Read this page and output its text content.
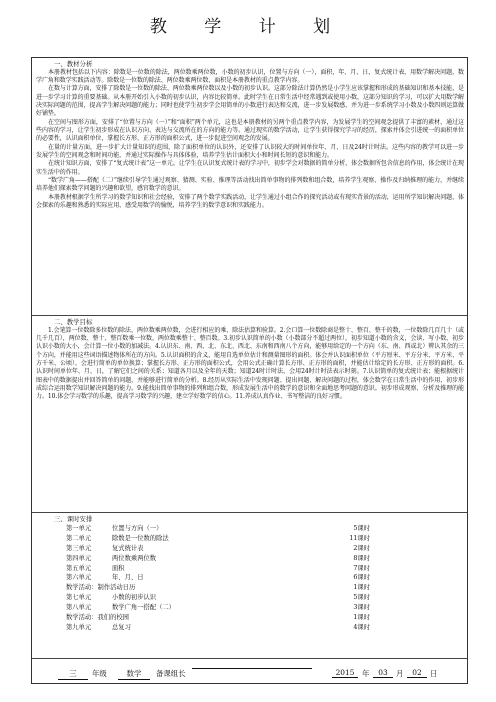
教 学 计 划
一、教材分析

本册教材包括以下内容：除数是一位数的除法，两位数乘两位数，小数的初步认识，位置与方向（一），面积，年、月、日，复式统计表，用数学解决问题，数学广角和数学实践活动等。除数是一位数的除法、两位数乘两位数、面积是本册教材的重点教学内容。

在数与计算方面，安排了除数是一位数的除法、两位数乘两位数以及小数的初步认识。这部分除法计算仍然是小学生应该掌握和形成的基础知识和基本技能，是进一步学习计算的重要基础。从本册开始引入小数的初步认识，内容比较简单。此时学生在日常生活中经常遇到或使用小数，这部分知识的学习，可以扩大用数学解决实际问题的范围，提高学生解决问题的能力；同时也使学生初步学会用简单的小数进行表达和交流，进一步发展数感，并为进一步系统学习小数及小数四则运算做好铺垫。

在空间与图形方面，安排了“位置与方向（一）”和“面积”两个单元，这也是本册教材的另两个重点教学内容，为发展学生的空间观念提供了丰富的素材，通过这些内容的学习，让学生初步形成在认识方向、表达与交流所在的方向的能力等。通过现实的数学活动，让学生获得探究学习的经历，探索并体会引进统一的面积单位的必要性，认识面积单位，掌握长方形、正方形的面积公式，进一步促进空间观念的发展。

在量的计量方面，进一步扩大计量知识的范围，除了面积单位的认识外，还安排了认识较大的时间单位年、月、日及24时计时法。这些内容的教学可以进一步发展学生的空间观念和时间功能，并通过实际操作与具体体验，培养学生估计面积大小和时间长短的意识和能力。

在统计知识方面，安排了“复式统计表”这一单元。让学生在认识复式统计表的学习中，初步学会对数据的简单分析，体会数据所包含信息的作用，体会统计在现实生活中的作用。

“数学广角——搭配（二）”继续引导学生通过观察、猜测、实验、推理等活动找出简单事物的排列数和组合数，培养学生观察、操作及归纳推理的能力，并继续培养他们探索数学问题的兴趣和欲望，感官数学的意识。

本册教材根据学生所学习的数学知识和社会经验，安排了两个数学实践活动，让学生通过小组合作的探究活动或有现实背景的活动，运用所学知识解决问题，体会探索的乐趣和熟悉的实际应用，感受用数学的愉悦，培养学生的数学意识和实践能力。

二、教学目标

1.会笔算一位数除多位数的除法，两位数乘两位数，会进行相应的乘、除法估算和验算。2.会口算一位数除商是整十、整百、整千的数，一位数除几百几十（或几千几百），两位数、整十、整百数乘一位数，两位数乘整十、整百数。3.初步认识简单的小数（小数部分不超过两位），初步知道小数的含义，会读、写小数，初步认识小数的大小，会计算一位小数的加减法。4.认识东、南、西、北、东北、西北、东南和西南八个方向，能够用给定的一个方向（东、南、西或北）辨认其余的三个方向，并能用这些词语描述物体所在的方向。5.认识面积的含义，能用自选单位估计和测量图形的面积。体会并认识面积单位（平方厘米、平方分米、平方米、平方千米、公顷），会进行简单的单位换算；掌握长方形、正方形的面积公式，会用公式正确计算长方形、正方形的面积，并能估计给定的长方形、正方形的面积。6.认识时间单位年、月、日，了解它们之间的关系；知道各月以及全年的天数；知道24时计时法，会用24时计时法表示时刻。7.认识简单的复式统计表；能根据统计图表中的数据提出并回答简单的问题，并能够进行简单的分析。8.经历从实际生活中发现问题、提出问题、解决问题的过程，体会数学在日常生活中的作用，初步形成综合运用数学知识解决问题的能力。9.能找出简单事物的排列和组合数，形成发展生活中的数学的意识和全面地思考问题的意识。初步形成观察、分析及推理的能力。10.体会学习数学的乐趣，提高学习数学的兴趣，建立学好数学的信心。11.养成认真作业、书写整洁的良好习惯。

三、课时安排
第一单元	位置与方向（一）	5课时
第二单元	除数是一位数的除法	11课时
第三单元	复式统计表	2课时
第四单元	两位数乘两位数	8课时
第五单元	面积	7课时
第六单元	年、月、日	6课时
数学活动：制作活动日历	1课时
第七单元	小数的初步认识	5课时
第八单元	数学广角一搭配（二）	3课时
数学活动：我们的校园	1课时
第九单元	总复习	4课时
三	年级	数学	备课组长	2015	年	03	月	02	日
